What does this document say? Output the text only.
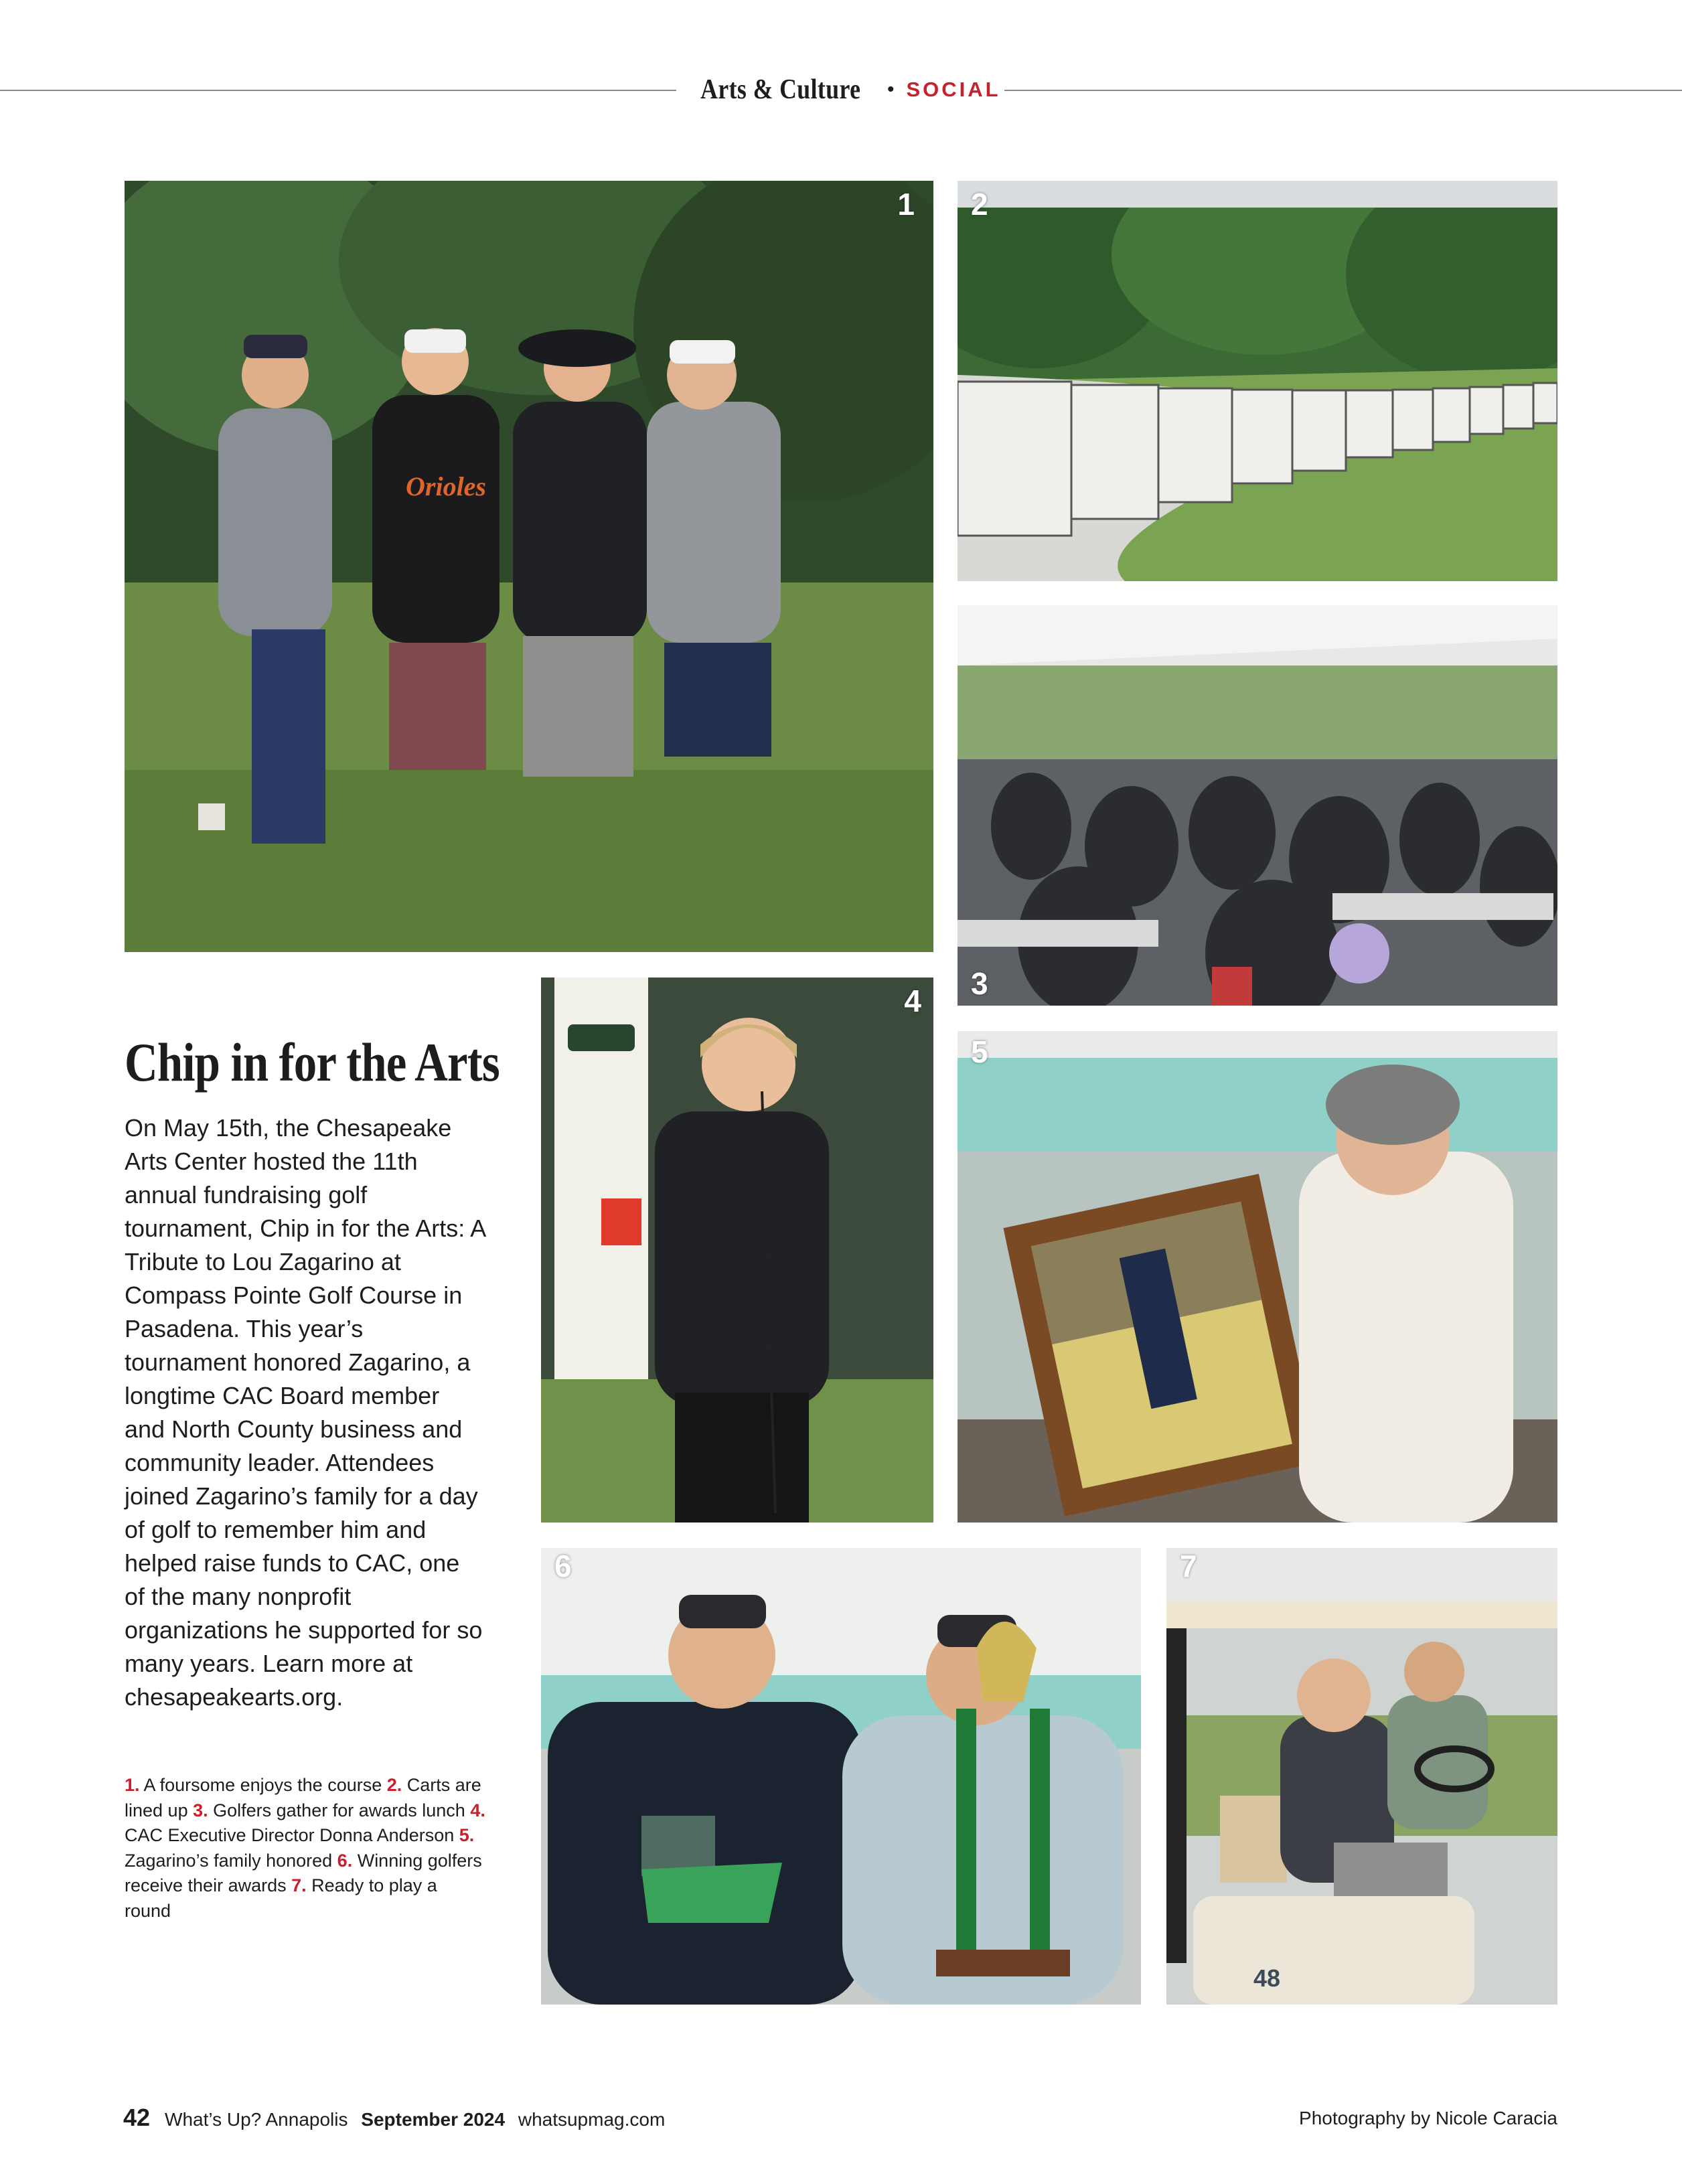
Arts & Culture • SOCIAL
Orioles
1 2
3
4
5
6
48
7
Chip in for the Arts
On May 15th, the Chesapeake Arts Center hosted the 11th annual fundraising golf tournament, Chip in for the Arts: A Tribute to Lou Zagarino at Compass Pointe Golf Course in Pasadena. This year’s tournament honored Zagarino, a longtime CAC Board member and North County business and community leader. Attendees joined Zagarino’s family for a day of golf to remember him and helped raise funds to CAC, one of the many nonprofit organizations he supported for so many years. Learn more at chesapeakearts.org.
1. A foursome enjoys the course 2. Carts are lined up 3. Golfers gather for awards lunch 4. CAC Executive Director Donna Anderson 5. Zagarino’s family honored 6. Winning golfers receive their awards 7. Ready to play a round
42 What’s Up? Annapolis September 2024 whatsupmag.com	Photography by Nicole Caracia
